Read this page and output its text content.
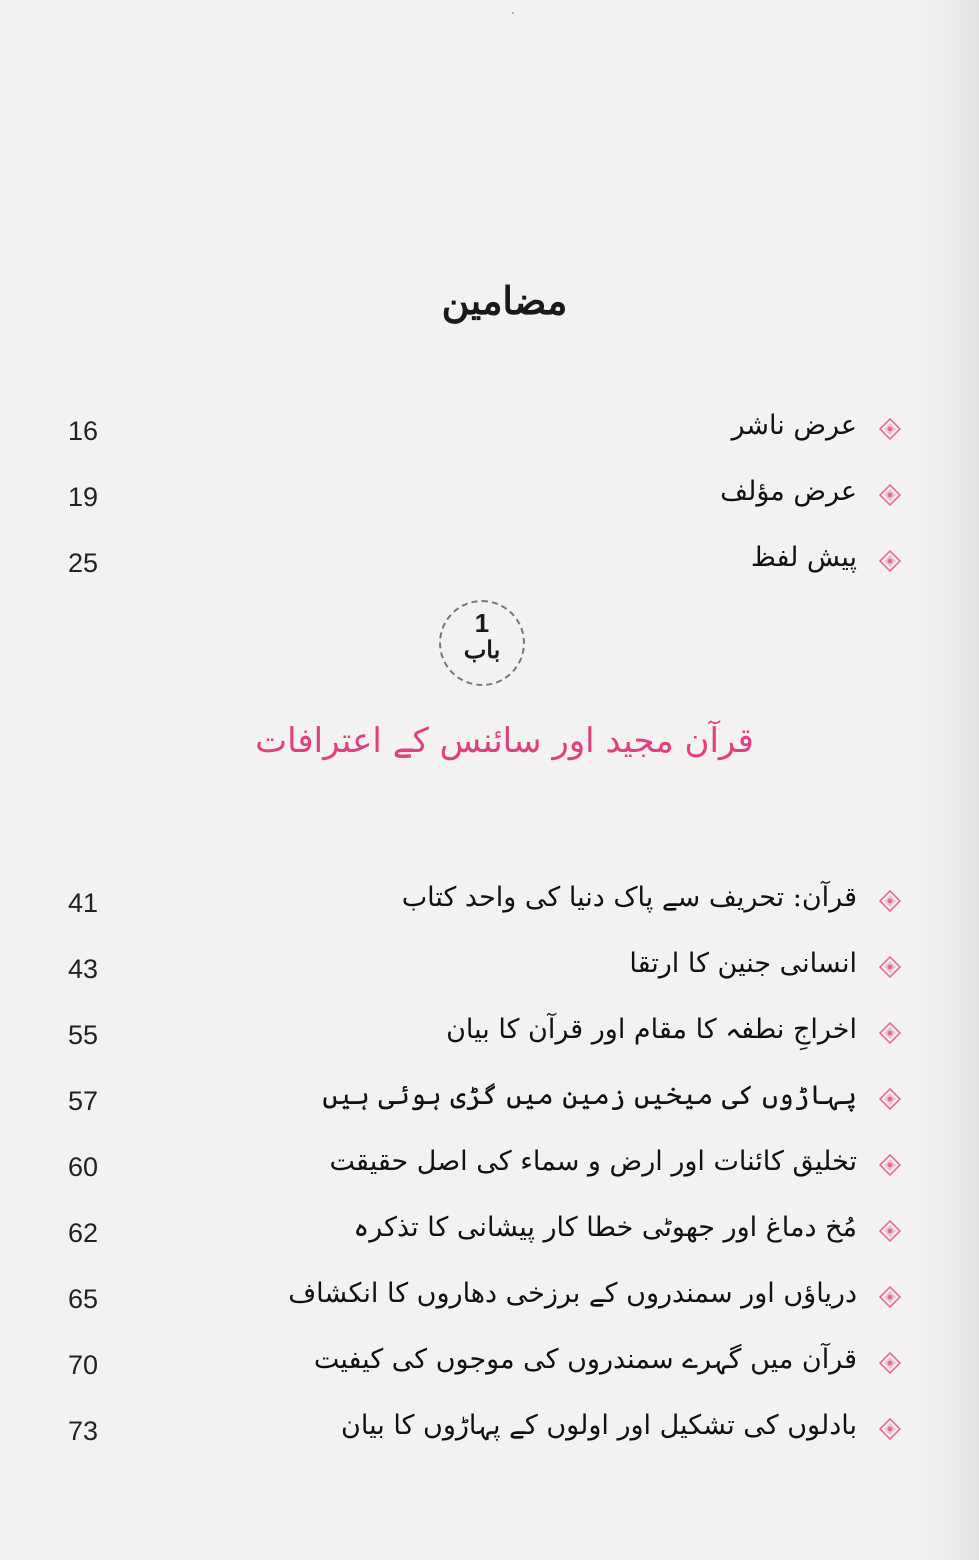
مضامین
16	عرض ناشر
19	عرض مؤلف
25	پیش لفظ
1
باب
قرآن مجید اور سائنس کے اعترافات
41	قرآن: تحریف سے پاک دنیا کی واحد کتاب
43	انسانی جنین کا ارتقا
55	اخراجِ نطفہ کا مقام اور قرآن کا بیان
57	پہاڑوں کی میخیں زمین میں گڑی ہوئی ہیں
60	تخلیق کائنات اور ارض و سماء کی اصل حقیقت
62	مُخ دماغ اور جھوٹی خطا کار پیشانی کا تذکرہ
65	دریاؤں اور سمندروں کے برزخی دھاروں کا انکشاف
70	قرآن میں گہرے سمندروں کی موجوں کی کیفیت
73	بادلوں کی تشکیل اور اولوں کے پہاڑوں کا بیان
